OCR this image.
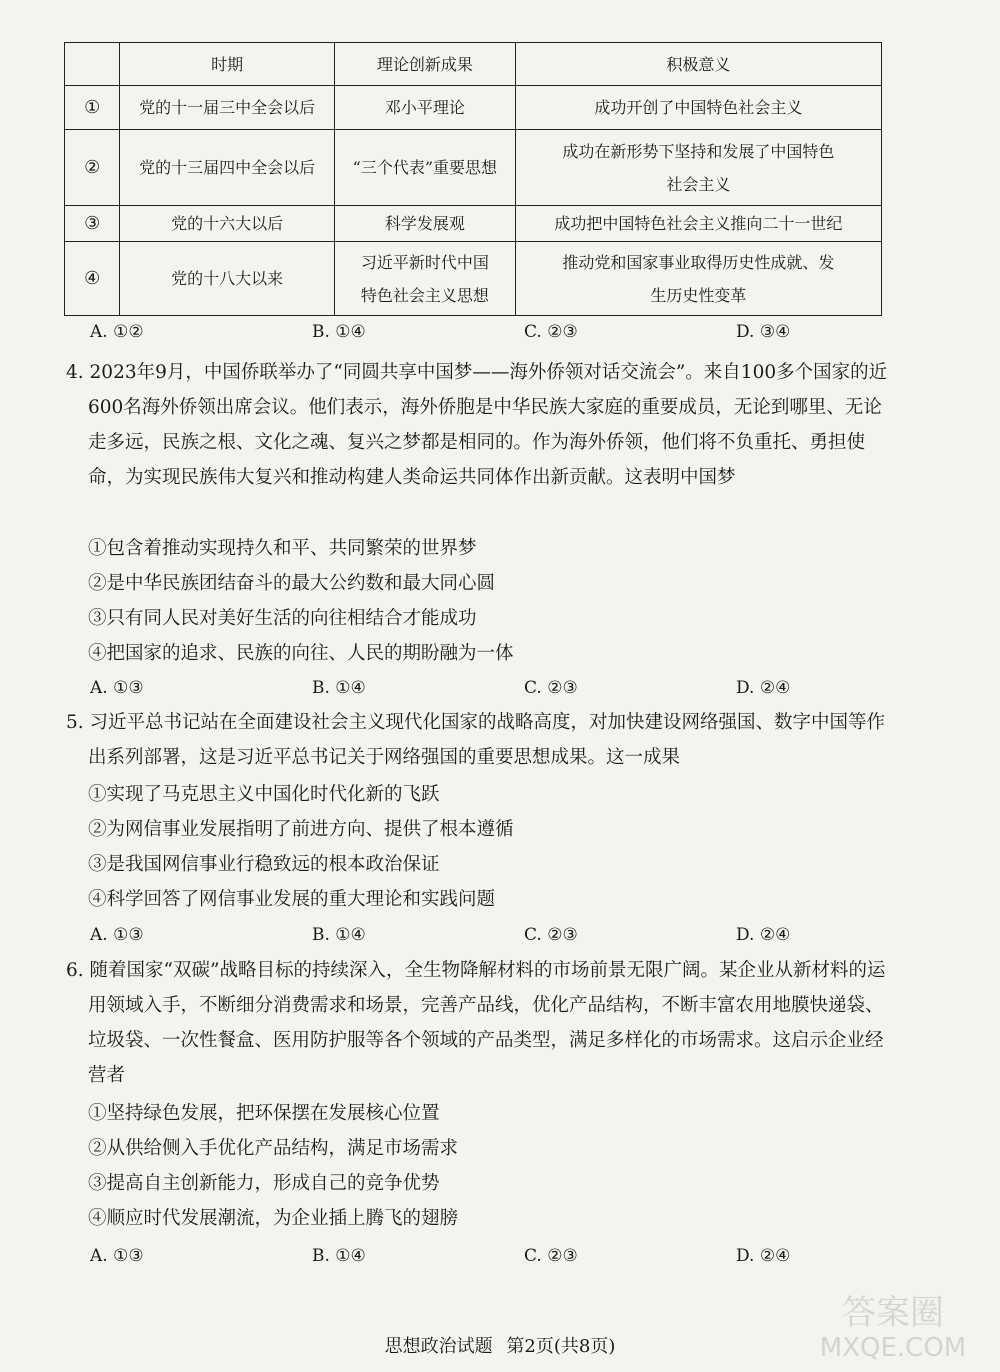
	时期	理论创新成果	积极意义
①	党的十一届三中全会以后	邓小平理论	成功开创了中国特色社会主义
②	党的十三届四中全会以后	“三个代表”重要思想	成功在新形势下坚持和发展了中国特色社会主义
③	党的十六大以后	科学发展观	成功把中国特色社会主义推向二十一世纪
④	党的十八大以来	习近平新时代中国特色社会主义思想	推动党和国家事业取得历史性成就、发生历史性变革
A. ①②	B. ①④	C. ②③	D. ③④

4. 2023年9月，中国侨联举办了“同圆共享中国梦——海外侨领对话交流会”。来自100多个国家的近600名海外侨领出席会议。他们表示，海外侨胞是中华民族大家庭的重要成员，无论到哪里、无论走多远，民族之根、文化之魂、复兴之梦都是相同的。作为海外侨领，他们将不负重托、勇担使命，为实现民族伟大复兴和推动构建人类命运共同体作出新贡献。这表明中国梦

①包含着推动实现持久和平、共同繁荣的世界梦
②是中华民族团结奋斗的最大公约数和最大同心圆
③只有同人民对美好生活的向往相结合才能成功
④把国家的追求、民族的向往、人民的期盼融为一体
A. ①③	B. ①④	C. ②③	D. ②④

5. 习近平总书记站在全面建设社会主义现代化国家的战略高度，对加快建设网络强国、数字中国等作出系列部署，这是习近平总书记关于网络强国的重要思想成果。这一成果

①实现了马克思主义中国化时代化新的飞跃
②为网信事业发展指明了前进方向、提供了根本遵循
③是我国网信事业行稳致远的根本政治保证
④科学回答了网信事业发展的重大理论和实践问题
A. ①③	B. ①④	C. ②③	D. ②④

6. 随着国家“双碳”战略目标的持续深入，全生物降解材料的市场前景无限广阔。某企业从新材料的运用领域入手，不断细分消费需求和场景，完善产品线，优化产品结构，不断丰富农用地膜快递袋、垃圾袋、一次性餐盒、医用防护服等各个领域的产品类型，满足多样化的市场需求。这启示企业经营者

①坚持绿色发展，把环保摆在发展核心位置
②从供给侧入手优化产品结构，满足市场需求
③提高自主创新能力，形成自己的竞争优势
④顺应时代发展潮流，为企业插上腾飞的翅膀
A. ①③	B. ①④	C. ②③	D. ②④
思想政治试题 第2页(共8页)
答案圈
MXQE.COM
